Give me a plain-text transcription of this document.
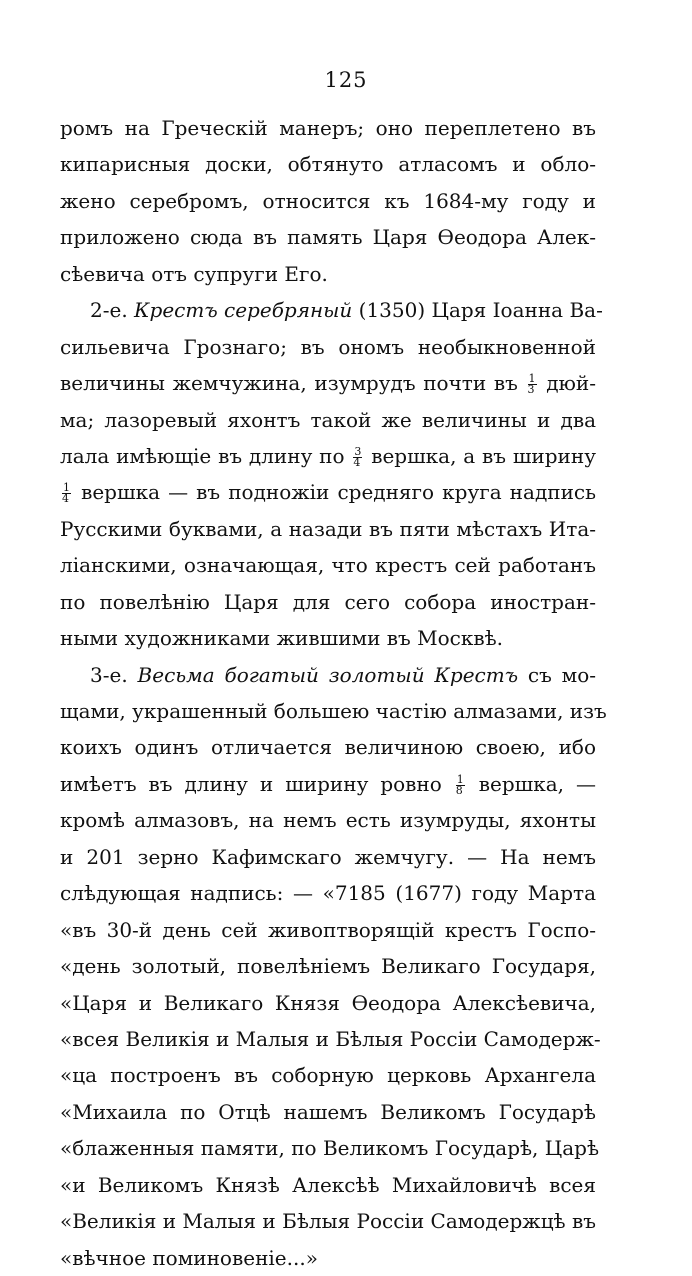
125
ромъ на Греческій манеръ; оно переплетено въ
кипарисныя доски, обтянуто атласомъ и обло-
жено серебромъ, относится къ 1684-му году и
приложено сюда въ память Царя Ѳеодора Алек-
сѣевича отъ супруги Его.
2-е. Крестъ серебряный (1350) Царя Іоанна Ва-
сильевича Грознаго; въ ономъ необыкновенной
величины жемчужина, изумрудъ почти въ $\frac{1}{3} дюй-$
ма; лазоревый яхонтъ такой же величины и два
лала имѣющіе въ длину по $\frac{3}{4}$ вершка, а въ ширину
$\frac{1}{4}$ вершка — въ подножіи средняго круга надпись
Русскими буквами, а назади въ пяти мѣстахъ Ита-
ліанскими, означающая, что крестъ сей работанъ
по повелѣнію Царя для сего собора иностран-
ными художниками жившими въ Москвѣ.
3-е. Весьма богатый золотый Крестъ съ мо-
щами, украшенный большею частію алмазами, изъ
коихъ одинъ отличается величиною своею, ибо
имѣетъ въ длину и ширину ровно $\frac{1}{8}$ вершка, —
кромѣ алмазовъ, на немъ есть изумруды, яхонты
и 201 зерно Кафимскаго жемчугу. — На немъ
слѣдующая надпись: — «7185 (1677) году Марта
«въ 30-й день сей живоптворящій крестъ Госпо-
«день золотый, повелѣніемъ Великаго Государя,
«Царя и Великаго Князя Ѳеодора Алексѣевича,
«всея Великія и Малыя и Бѣлыя Россіи Самодерж-
«ца построенъ въ соборную церковь Архангела
«Михаила по Отцѣ нашемъ Великомъ Государѣ
«блаженныя памяти, по Великомъ Государѣ, Царѣ
«и Великомъ Князѣ Алексѣѣ Михайловичѣ всея
«Великія и Малыя и Бѣлыя Россіи Самодержцѣ въ
«вѣчное поминовеніе...»
